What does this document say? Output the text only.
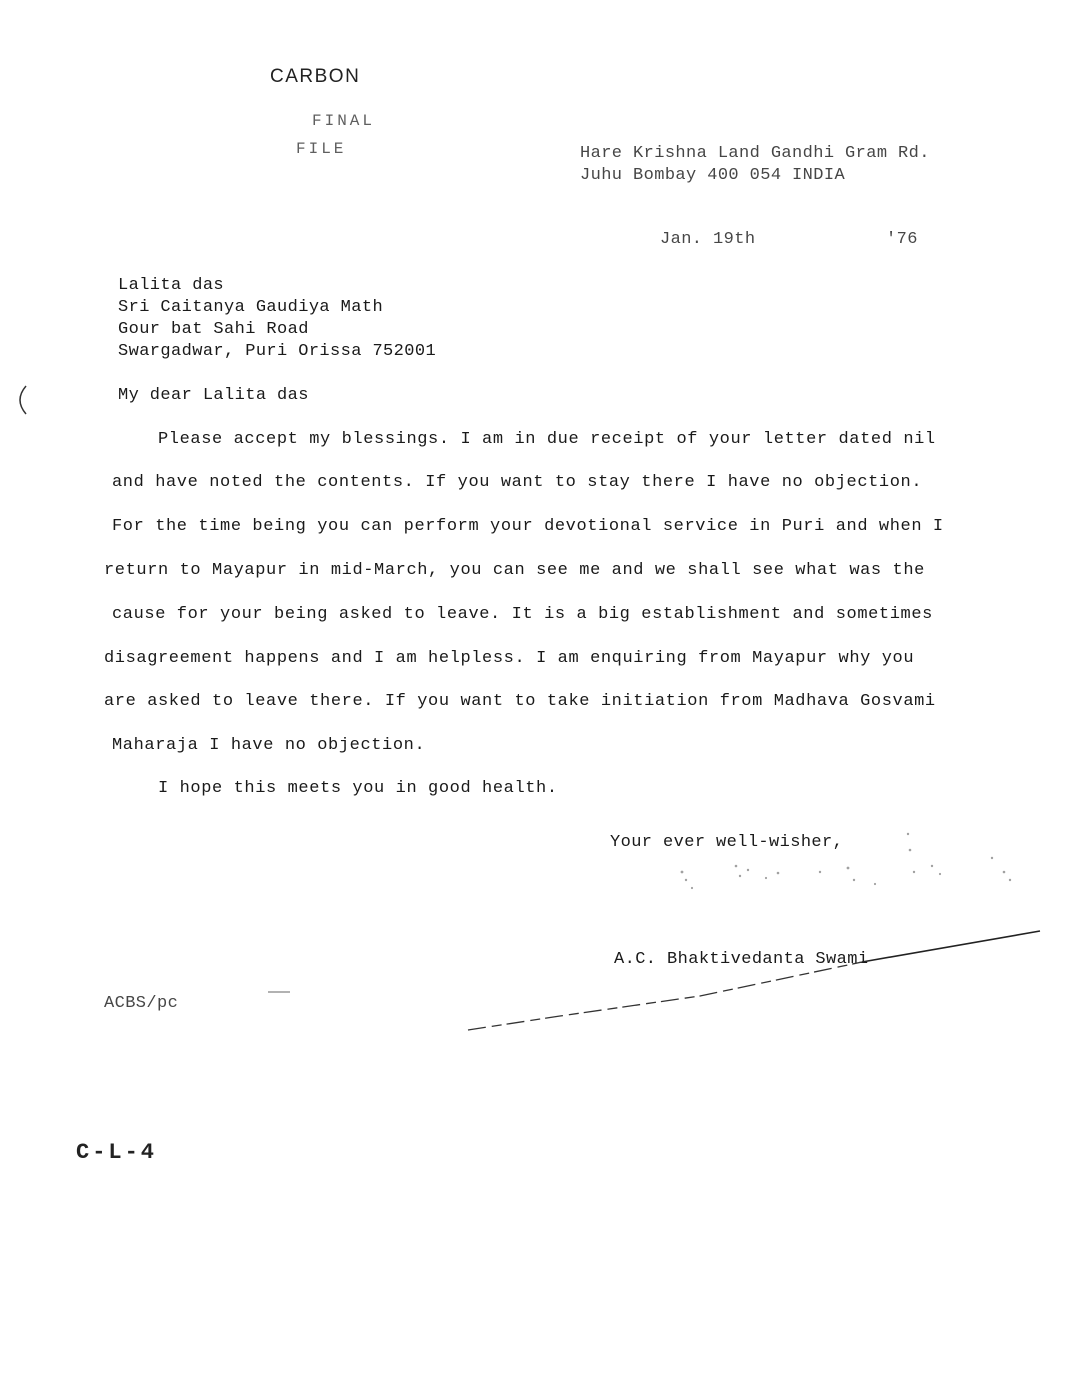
CARBON
FINAL
FILE	Hare Krishna Land Gandhi Gram Rd.
Juhu Bombay 400 054 INDIA
Jan. 19th	'76
Lalita das
Sri Caitanya Gaudiya Math
Gour bat Sahi Road
Swargadwar, Puri Orissa 752001
My dear Lalita das
Please accept my blessings. I am in due receipt of your letter dated nil
and have noted the contents. If you want to stay there I have no objection.
For the time being you can perform your devotional service in Puri and when I
return to Mayapur in mid-March, you can see me and we shall see what was the
cause for your being asked to leave. It is a big establishment and sometimes
disagreement happens and I am helpless. I am enquiring from Mayapur why you
are asked to leave there. If you want to take initiation from Madhava Gosvami
Maharaja I have no objection.
I hope this meets you in good health.
Your ever well-wisher,
A.C. Bhaktivedanta Swami
ACBS/pc
C-L-4
